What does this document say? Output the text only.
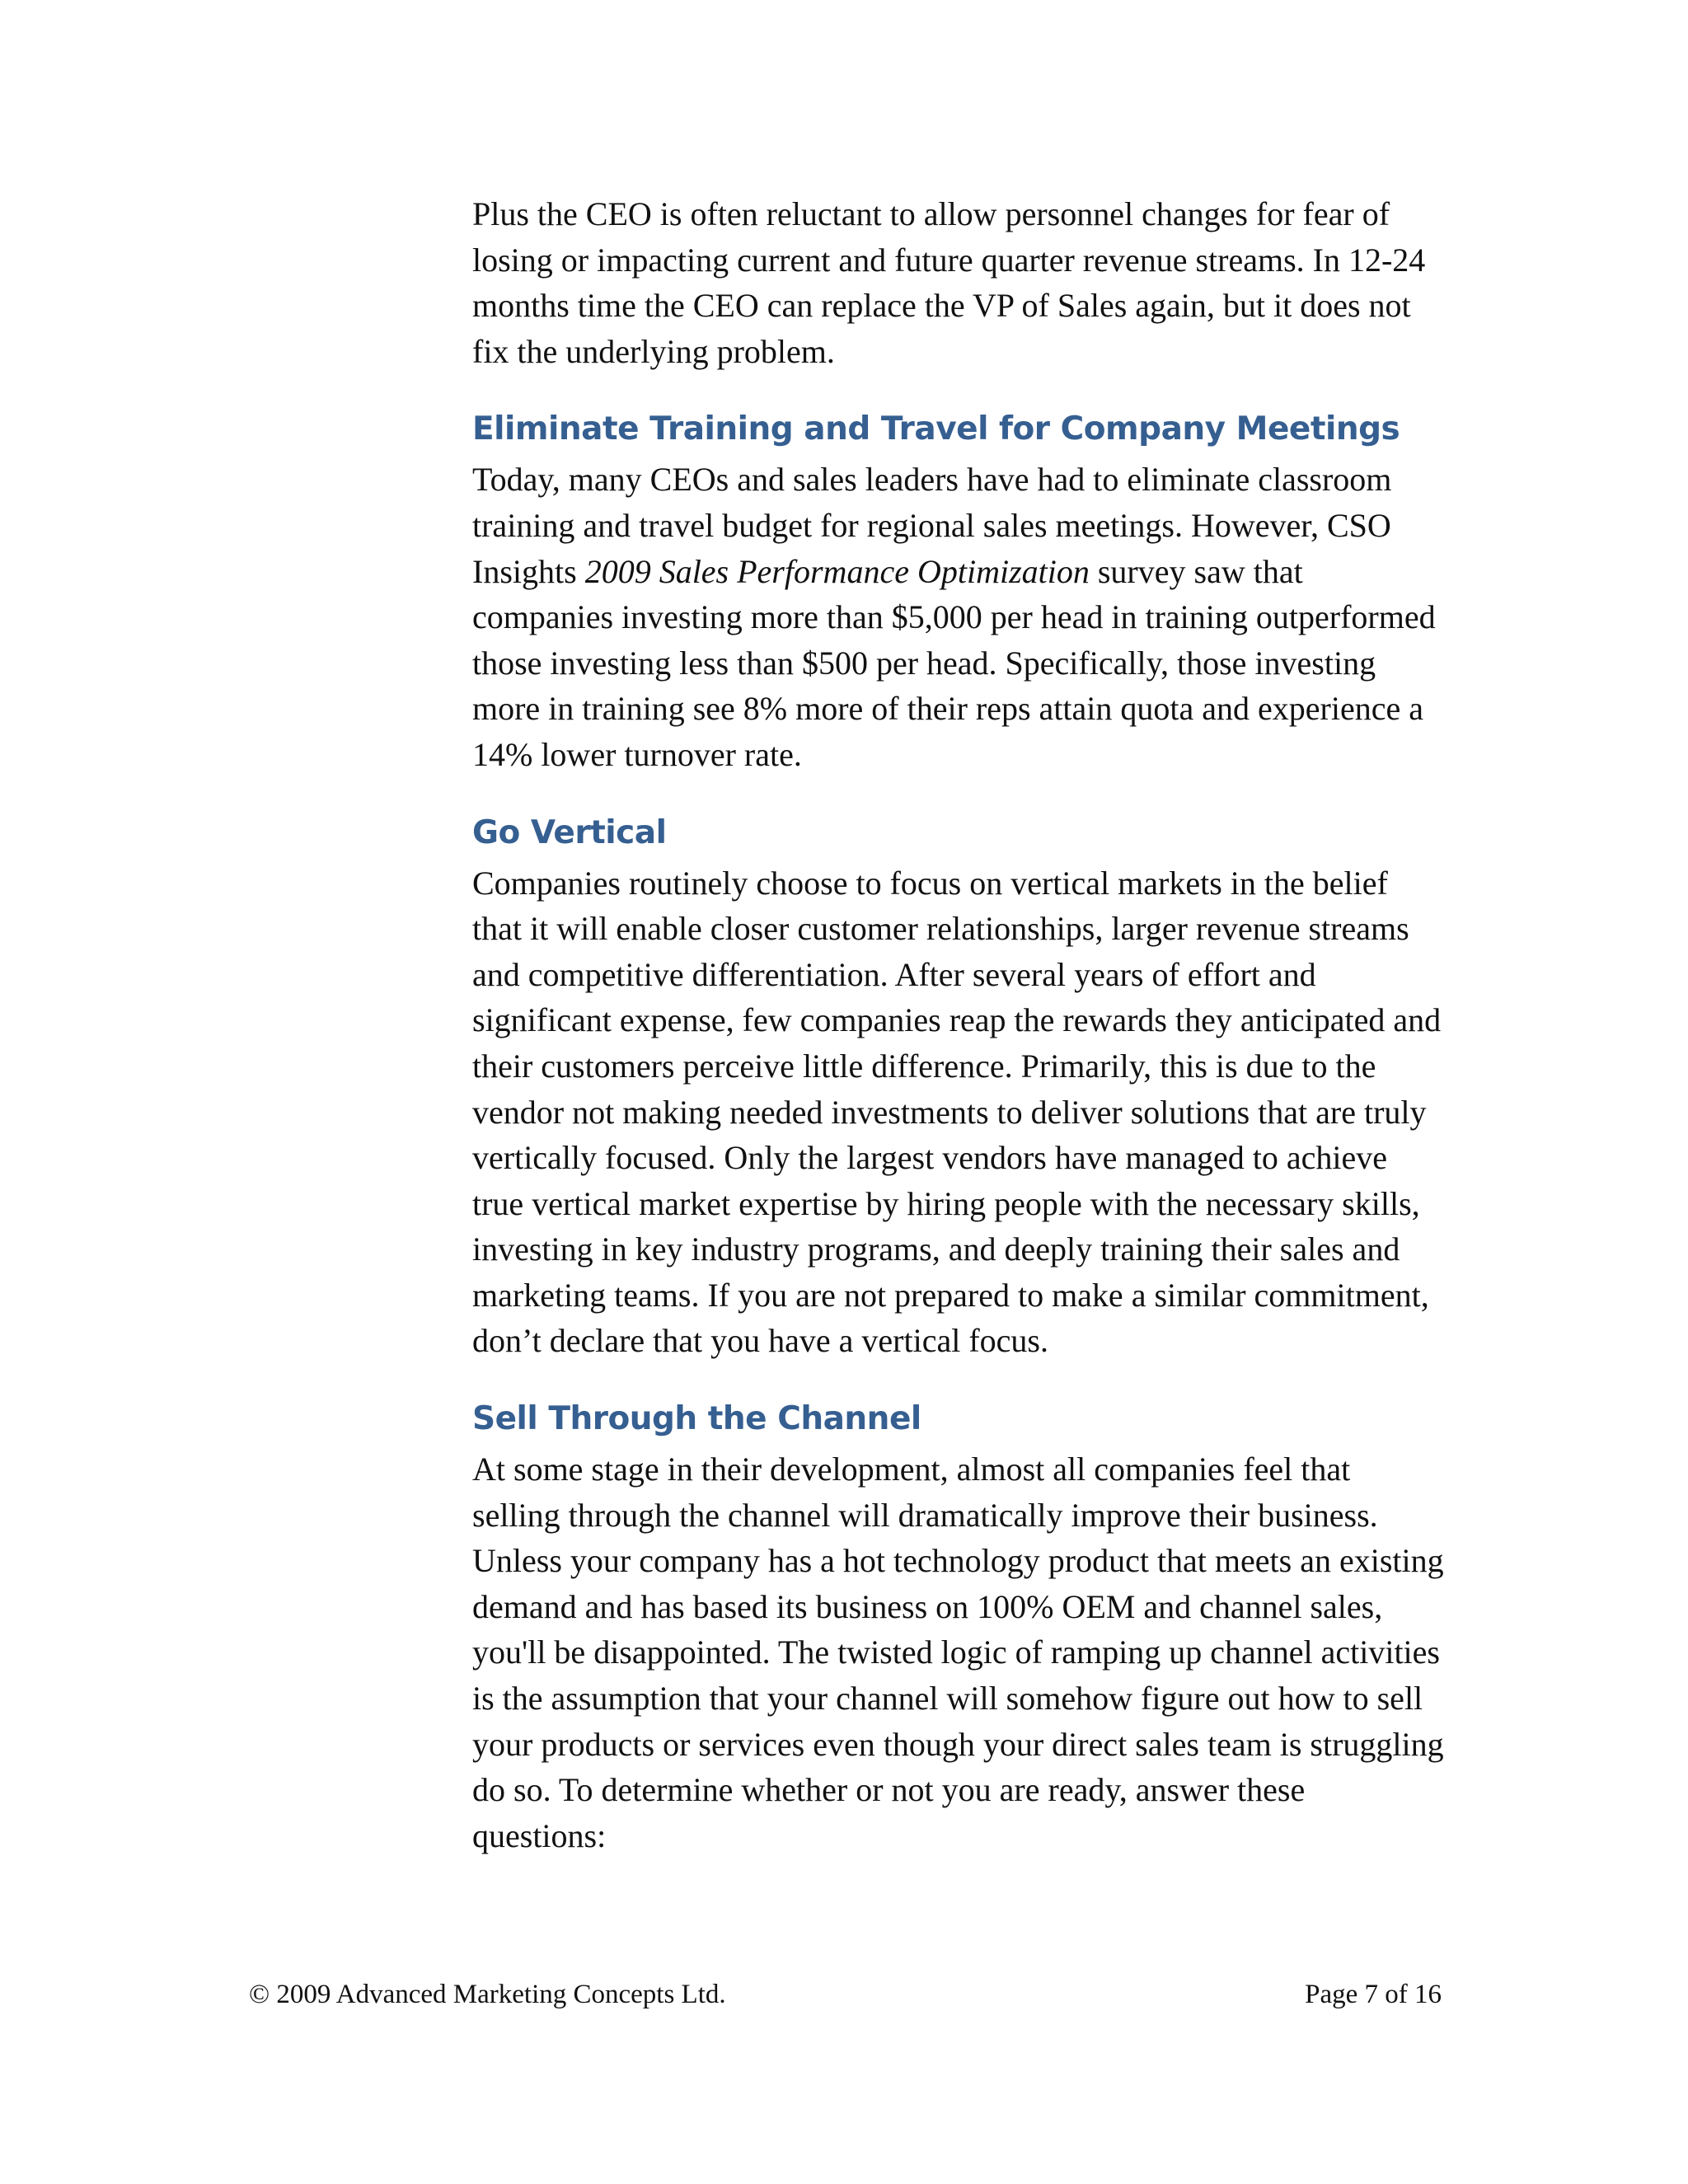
Plus the CEO is often reluctant to allow personnel changes for fear of losing or impacting current and future quarter revenue streams. In 12-24 months time the CEO can replace the VP of Sales again, but it does not fix the underlying problem.

Eliminate Training and Travel for Company Meetings

Today, many CEOs and sales leaders have had to eliminate classroom training and travel budget for regional sales meetings. However, CSO Insights 2009 Sales Performance Optimization survey saw that companies investing more than $5,000 per head in training outperformed those investing less than $500 per head. Specifically, those investing more in training see 8% more of their reps attain quota and experience a 14% lower turnover rate.

Go Vertical

Companies routinely choose to focus on vertical markets in the belief that it will enable closer customer relationships, larger revenue streams and competitive differentiation. After several years of effort and significant expense, few companies reap the rewards they anticipated and their customers perceive little difference. Primarily, this is due to the vendor not making needed investments to deliver solutions that are truly vertically focused. Only the largest vendors have managed to achieve true vertical market expertise by hiring people with the necessary skills, investing in key industry programs, and deeply training their sales and marketing teams. If you are not prepared to make a similar commitment, don’t declare that you have a vertical focus.

Sell Through the Channel

At some stage in their development, almost all companies feel that selling through the channel will dramatically improve their business. Unless your company has a hot technology product that meets an existing demand and has based its business on 100% OEM and channel sales, you'll be disappointed. The twisted logic of ramping up channel activities is the assumption that your channel will somehow figure out how to sell your products or services even though your direct sales team is struggling do so. To determine whether or not you are ready, answer these questions:

© 2009 Advanced Marketing Concepts Ltd.	Page 7 of 16
